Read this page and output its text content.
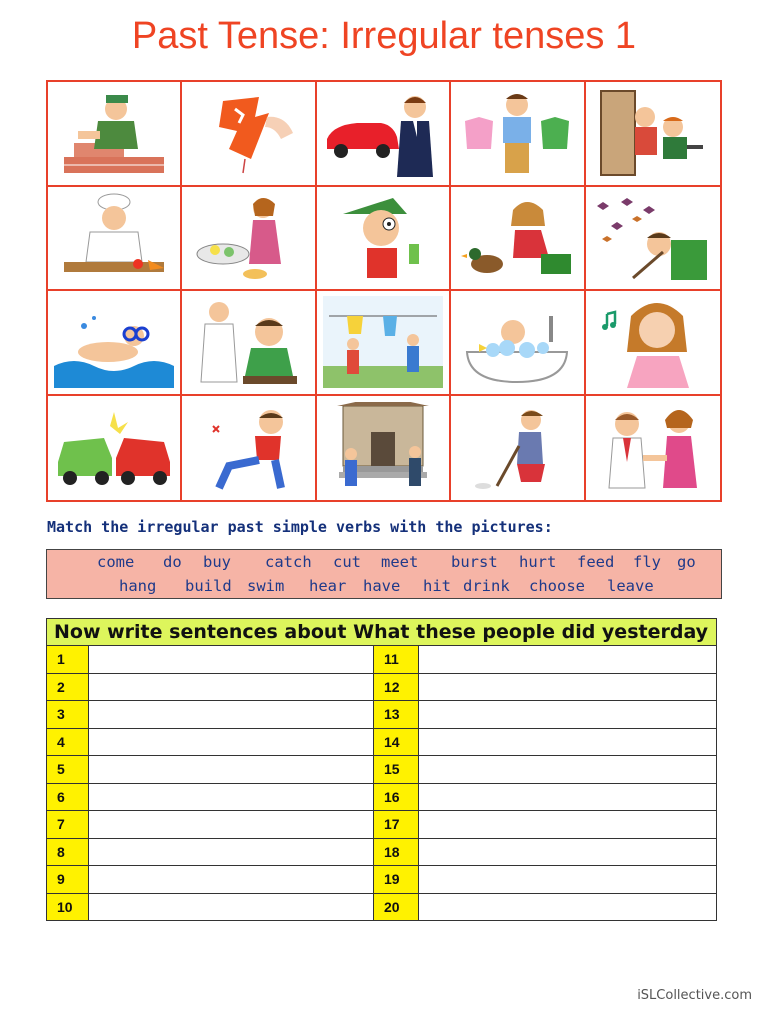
Past Tense: Irregular tenses 1
Match the irregular past simple verbs with the pictures:
come do buy catch cut meet burst hurt feed fly go
hang build swim hear have hit drink choose leave
Now write sentences about What these people did yesterday			
1		11	
2		12	
3		13	
4		14	
5		15	
6		16	
7		17	
8		18	
9		19	
10		20	
iSLCollective.com
